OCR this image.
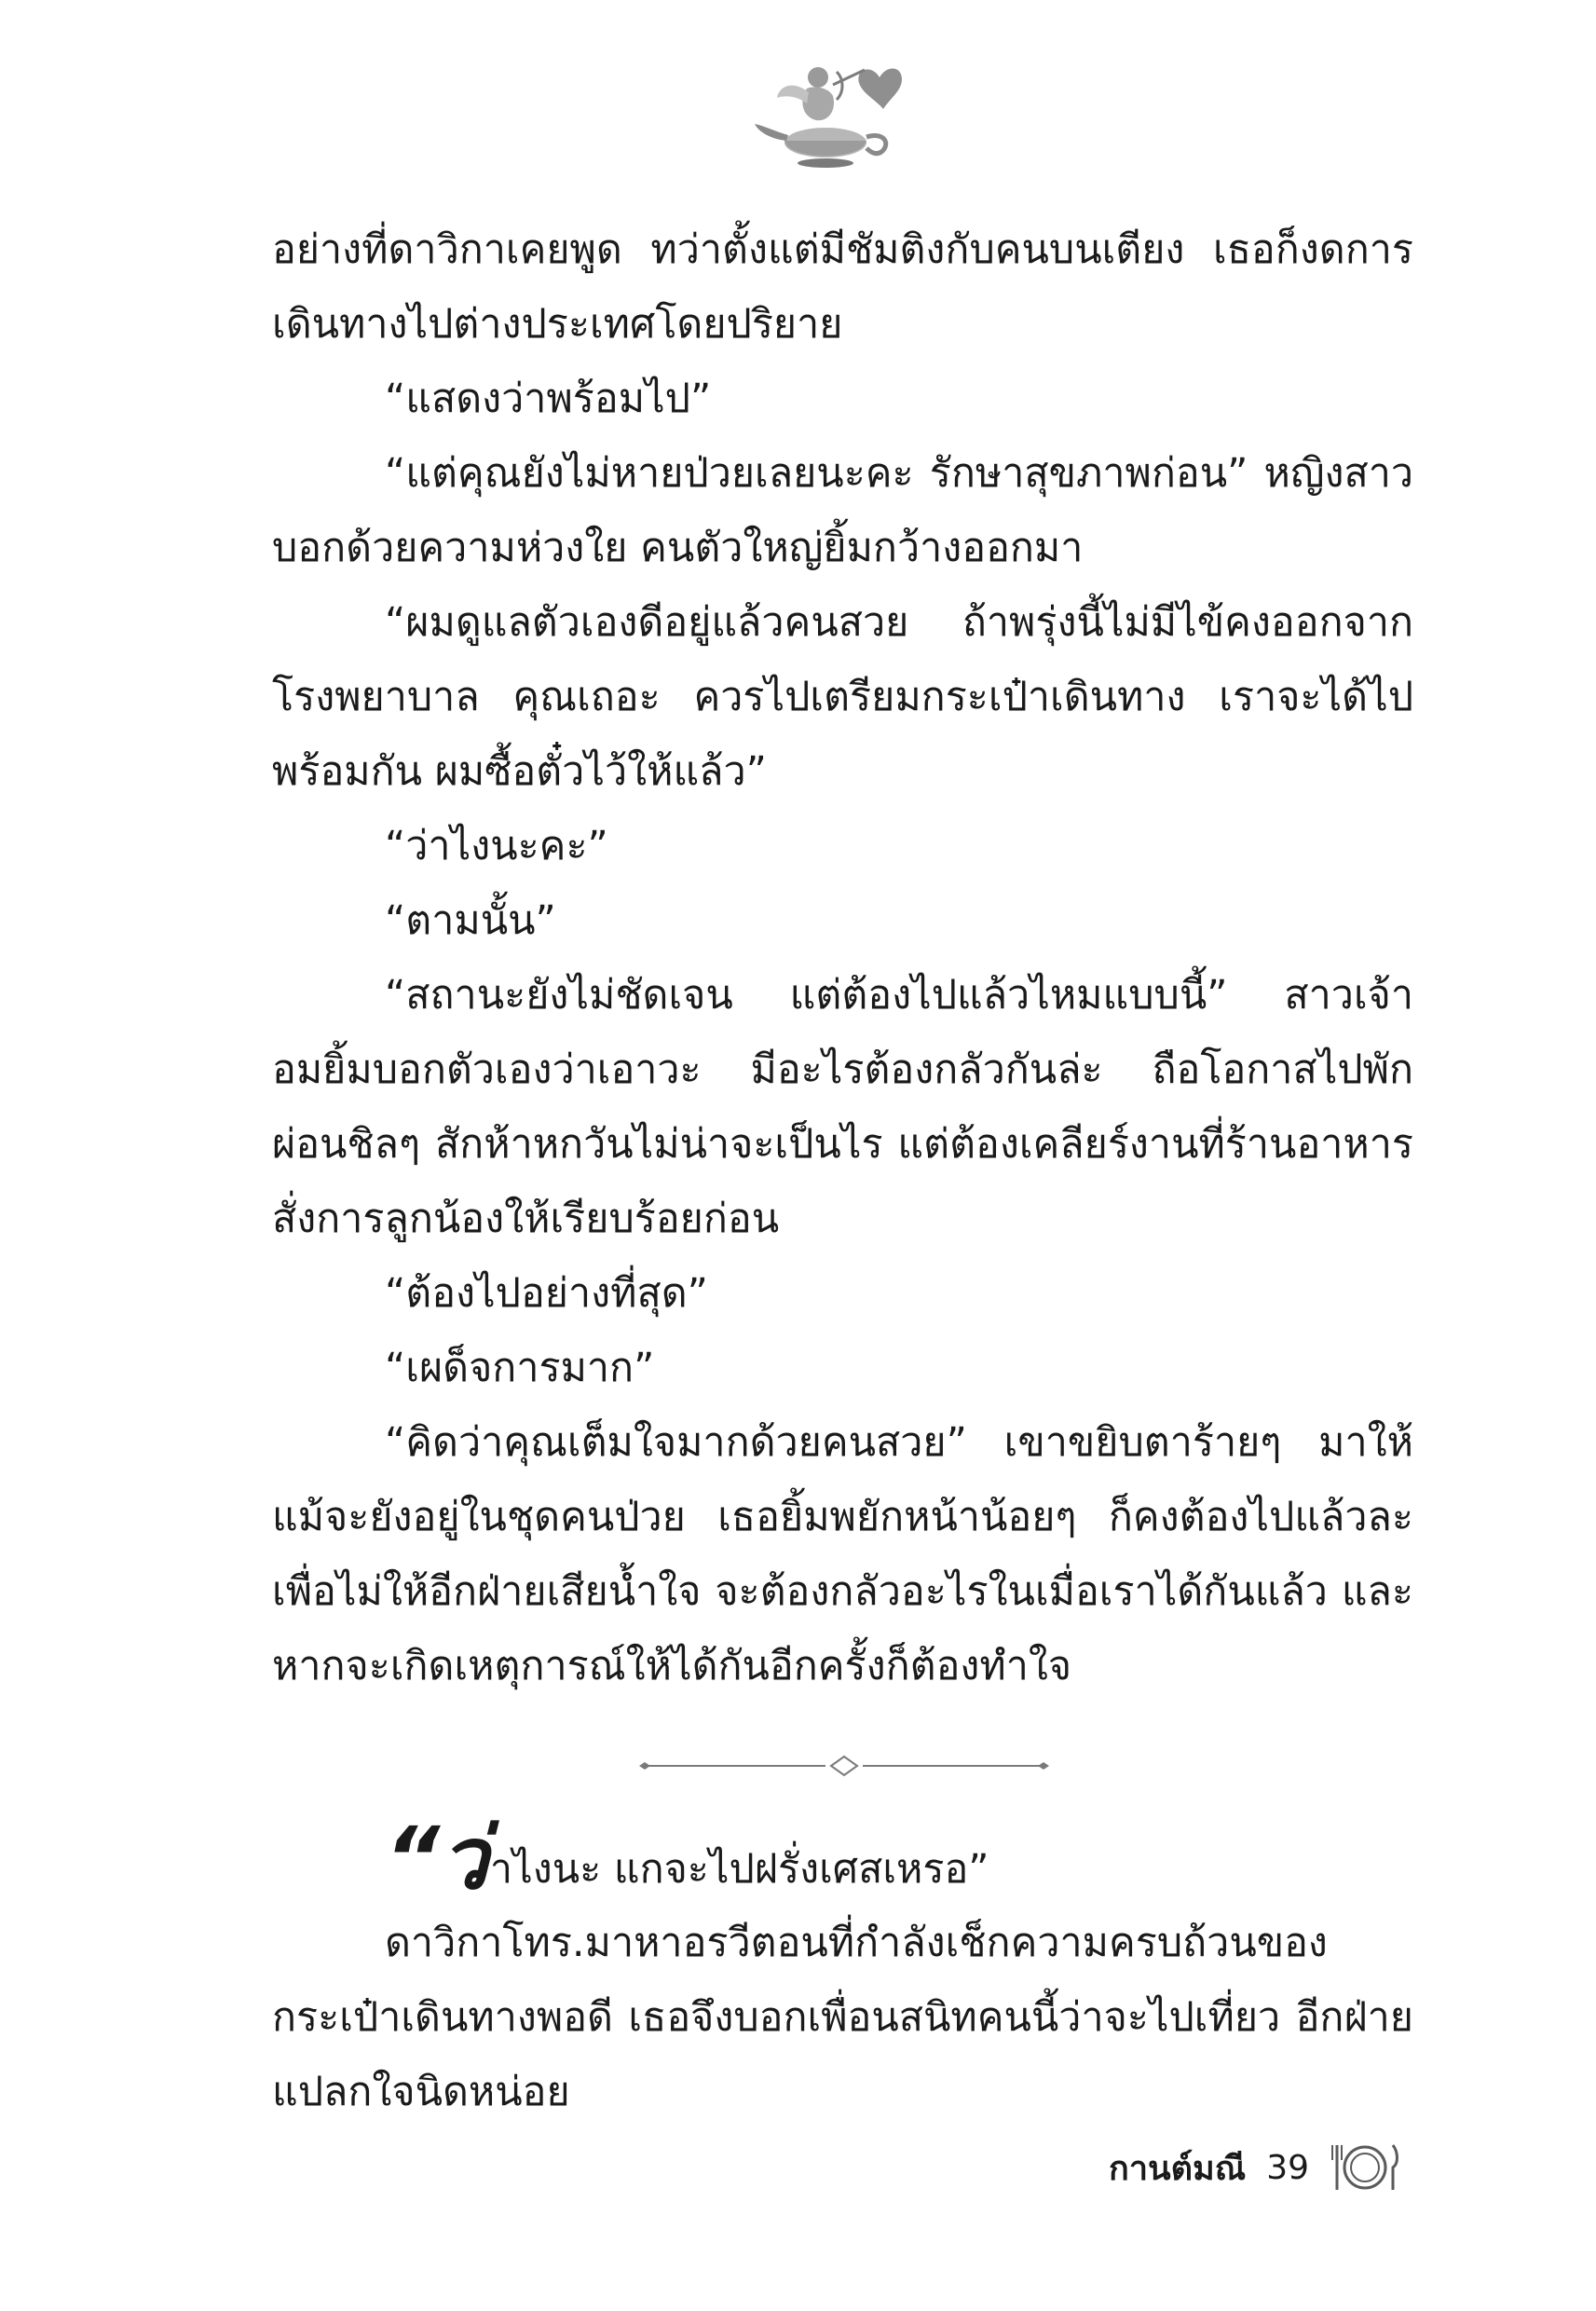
อย่างที่ดาวิกาเคยพูด ทว่าตั้งแต่มีชัมติงกับคนบนเตียง เธอก็งดการเดินทางไปต่างประเทศโดยปริยาย

“แสดงว่าพร้อมไป”

“แต่คุณยังไม่หายป่วยเลยนะคะ รักษาสุขภาพก่อน” หญิงสาวบอกด้วยความห่วงใย คนตัวใหญ่ยิ้มกว้างออกมา

“ผมดูแลตัวเองดีอยู่แล้วคนสวย ถ้าพรุ่งนี้ไม่มีไข้คงออกจากโรงพยาบาล คุณเถอะ ควรไปเตรียมกระเป๋าเดินทาง เราจะได้ไปพร้อมกัน ผมซื้อตั๋วไว้ให้แล้ว”

“ว่าไงนะคะ”

“ตามนั้น”

“สถานะยังไม่ชัดเจน แต่ต้องไปแล้วไหมแบบนี้” สาวเจ้าอมยิ้มบอกตัวเองว่าเอาวะ มีอะไรต้องกลัวกันล่ะ ถือโอกาสไปพักผ่อนชิลๆ สักห้าหกวันไม่น่าจะเป็นไร แต่ต้องเคลียร์งานที่ร้านอาหาร สั่งการลูกน้องให้เรียบร้อยก่อน

“ต้องไปอย่างที่สุด”

“เผด็จการมาก”

“คิดว่าคุณเต็มใจมากด้วยคนสวย” เขาขยิบตาร้ายๆ มาให้แม้จะยังอยู่ในชุดคนป่วย เธอยิ้มพยักหน้าน้อยๆ ก็คงต้องไปแล้วละ เพื่อไม่ให้อีกฝ่ายเสียน้ำใจ จะต้องกลัวอะไรในเมื่อเราได้กันแล้ว และหากจะเกิดเหตุการณ์ให้ได้กันอีกครั้งก็ต้องทำใจ

“ว่าไงนะ แกจะไปฝรั่งเศสเหรอ”

ดาวิกาโทร.มาหาอรวีตอนที่กำลังเช็กความครบถ้วนของกระเป๋าเดินทางพอดี เธอจึงบอกเพื่อนสนิทคนนี้ว่าจะไปเที่ยว อีกฝ่ายแปลกใจนิดหน่อย

กานต์มณี 39
